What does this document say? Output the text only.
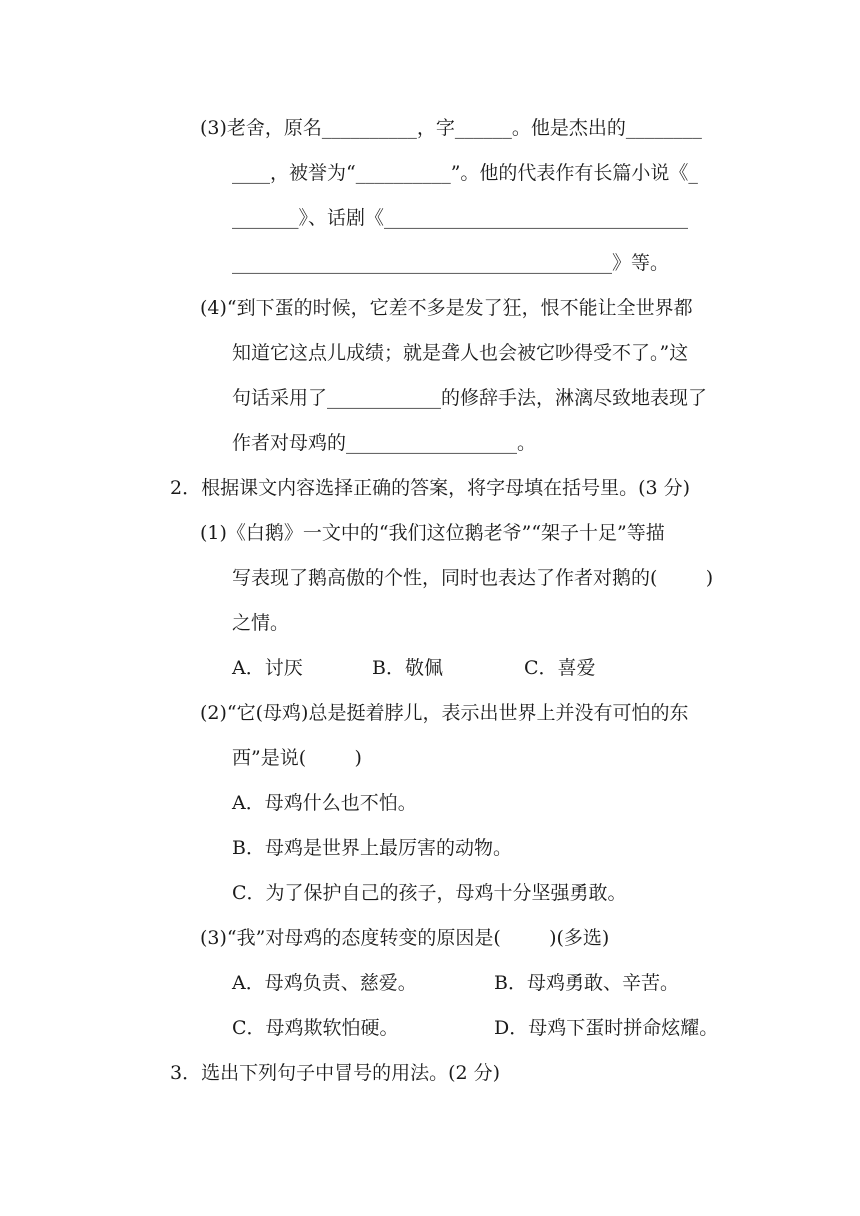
(3)老舍，原名__________，字______。他是杰出的________
____，被誉为“__________”。他的代表作有长篇小说《_
_______》、话剧《________________________________
________________________________________》等。
(4)“到下蛋的时候，它差不多是发了狂，恨不能让全世界都
知道它这点儿成绩；就是聋人也会被它吵得受不了。”这
句话采用了____________的修辞手法，淋漓尽致地表现了
作者对母鸡的__________________。
2．根据课文内容选择正确的答案，将字母填在括号里。(3 分)
(1)《白鹅》一文中的“我们这位鹅老爷”“架子十足”等描
写表现了鹅高傲的个性，同时也表达了作者对鹅的(        )
之情。
A．讨厌	B．敬佩	C．喜爱
(2)“它(母鸡)总是挺着脖儿，表示出世界上并没有可怕的东
西”是说(        )
A．母鸡什么也不怕。
B．母鸡是世界上最厉害的动物。
C．为了保护自己的孩子，母鸡十分坚强勇敢。
(3)“我”对母鸡的态度转变的原因是(        )(多选)
A．母鸡负责、慈爱。	B．母鸡勇敢、辛苦。
C．母鸡欺软怕硬。	D．母鸡下蛋时拼命炫耀。
3．选出下列句子中冒号的用法。(2 分)
